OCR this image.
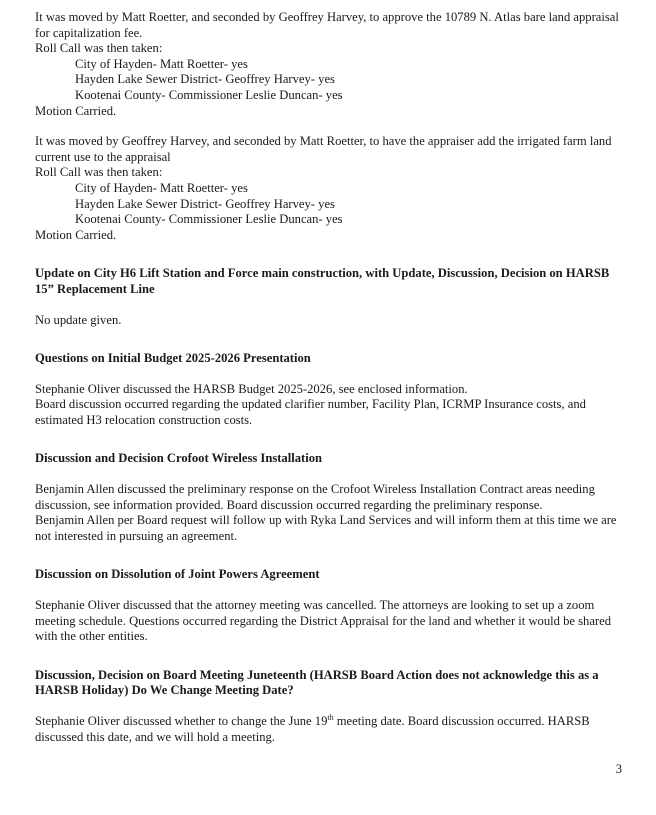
It was moved by Matt Roetter, and seconded by Geoffrey Harvey, to approve the 10789 N. Atlas bare land appraisal for capitalization fee.

Roll Call was then taken:

City of Hayden- Matt Roetter- yes

Hayden Lake Sewer District- Geoffrey Harvey- yes

Kootenai County- Commissioner Leslie Duncan- yes

Motion Carried.

It was moved by Geoffrey Harvey, and seconded by Matt Roetter, to have the appraiser add the irrigated farm land current use to the appraisal

Roll Call was then taken:

City of Hayden- Matt Roetter- yes

Hayden Lake Sewer District- Geoffrey Harvey- yes

Kootenai County- Commissioner Leslie Duncan- yes

Motion Carried.

Update on City H6 Lift Station and Force main construction, with Update, Discussion, Decision on HARSB 15” Replacement Line

No update given.

Questions on Initial Budget 2025-2026 Presentation

Stephanie Oliver discussed the HARSB Budget 2025-2026, see enclosed information.

Board discussion occurred regarding the updated clarifier number, Facility Plan, ICRMP Insurance costs, and estimated H3 relocation construction costs.

Discussion and Decision Crofoot Wireless Installation

Benjamin Allen discussed the preliminary response on the Crofoot Wireless Installation Contract areas needing discussion, see information provided. Board discussion occurred regarding the preliminary response.

Benjamin Allen per Board request will follow up with Ryka Land Services and will inform them at this time we are not interested in pursuing an agreement.

Discussion on Dissolution of Joint Powers Agreement

Stephanie Oliver discussed that the attorney meeting was cancelled. The attorneys are looking to set up a zoom meeting schedule. Questions occurred regarding the District Appraisal for the land and whether it would be shared with the other entities.

Discussion, Decision on Board Meeting Juneteenth (HARSB Board Action does not acknowledge this as a HARSB Holiday) Do We Change Meeting Date?

Stephanie Oliver discussed whether to change the June 19th meeting date. Board discussion occurred. HARSB discussed this date, and we will hold a meeting.

3
